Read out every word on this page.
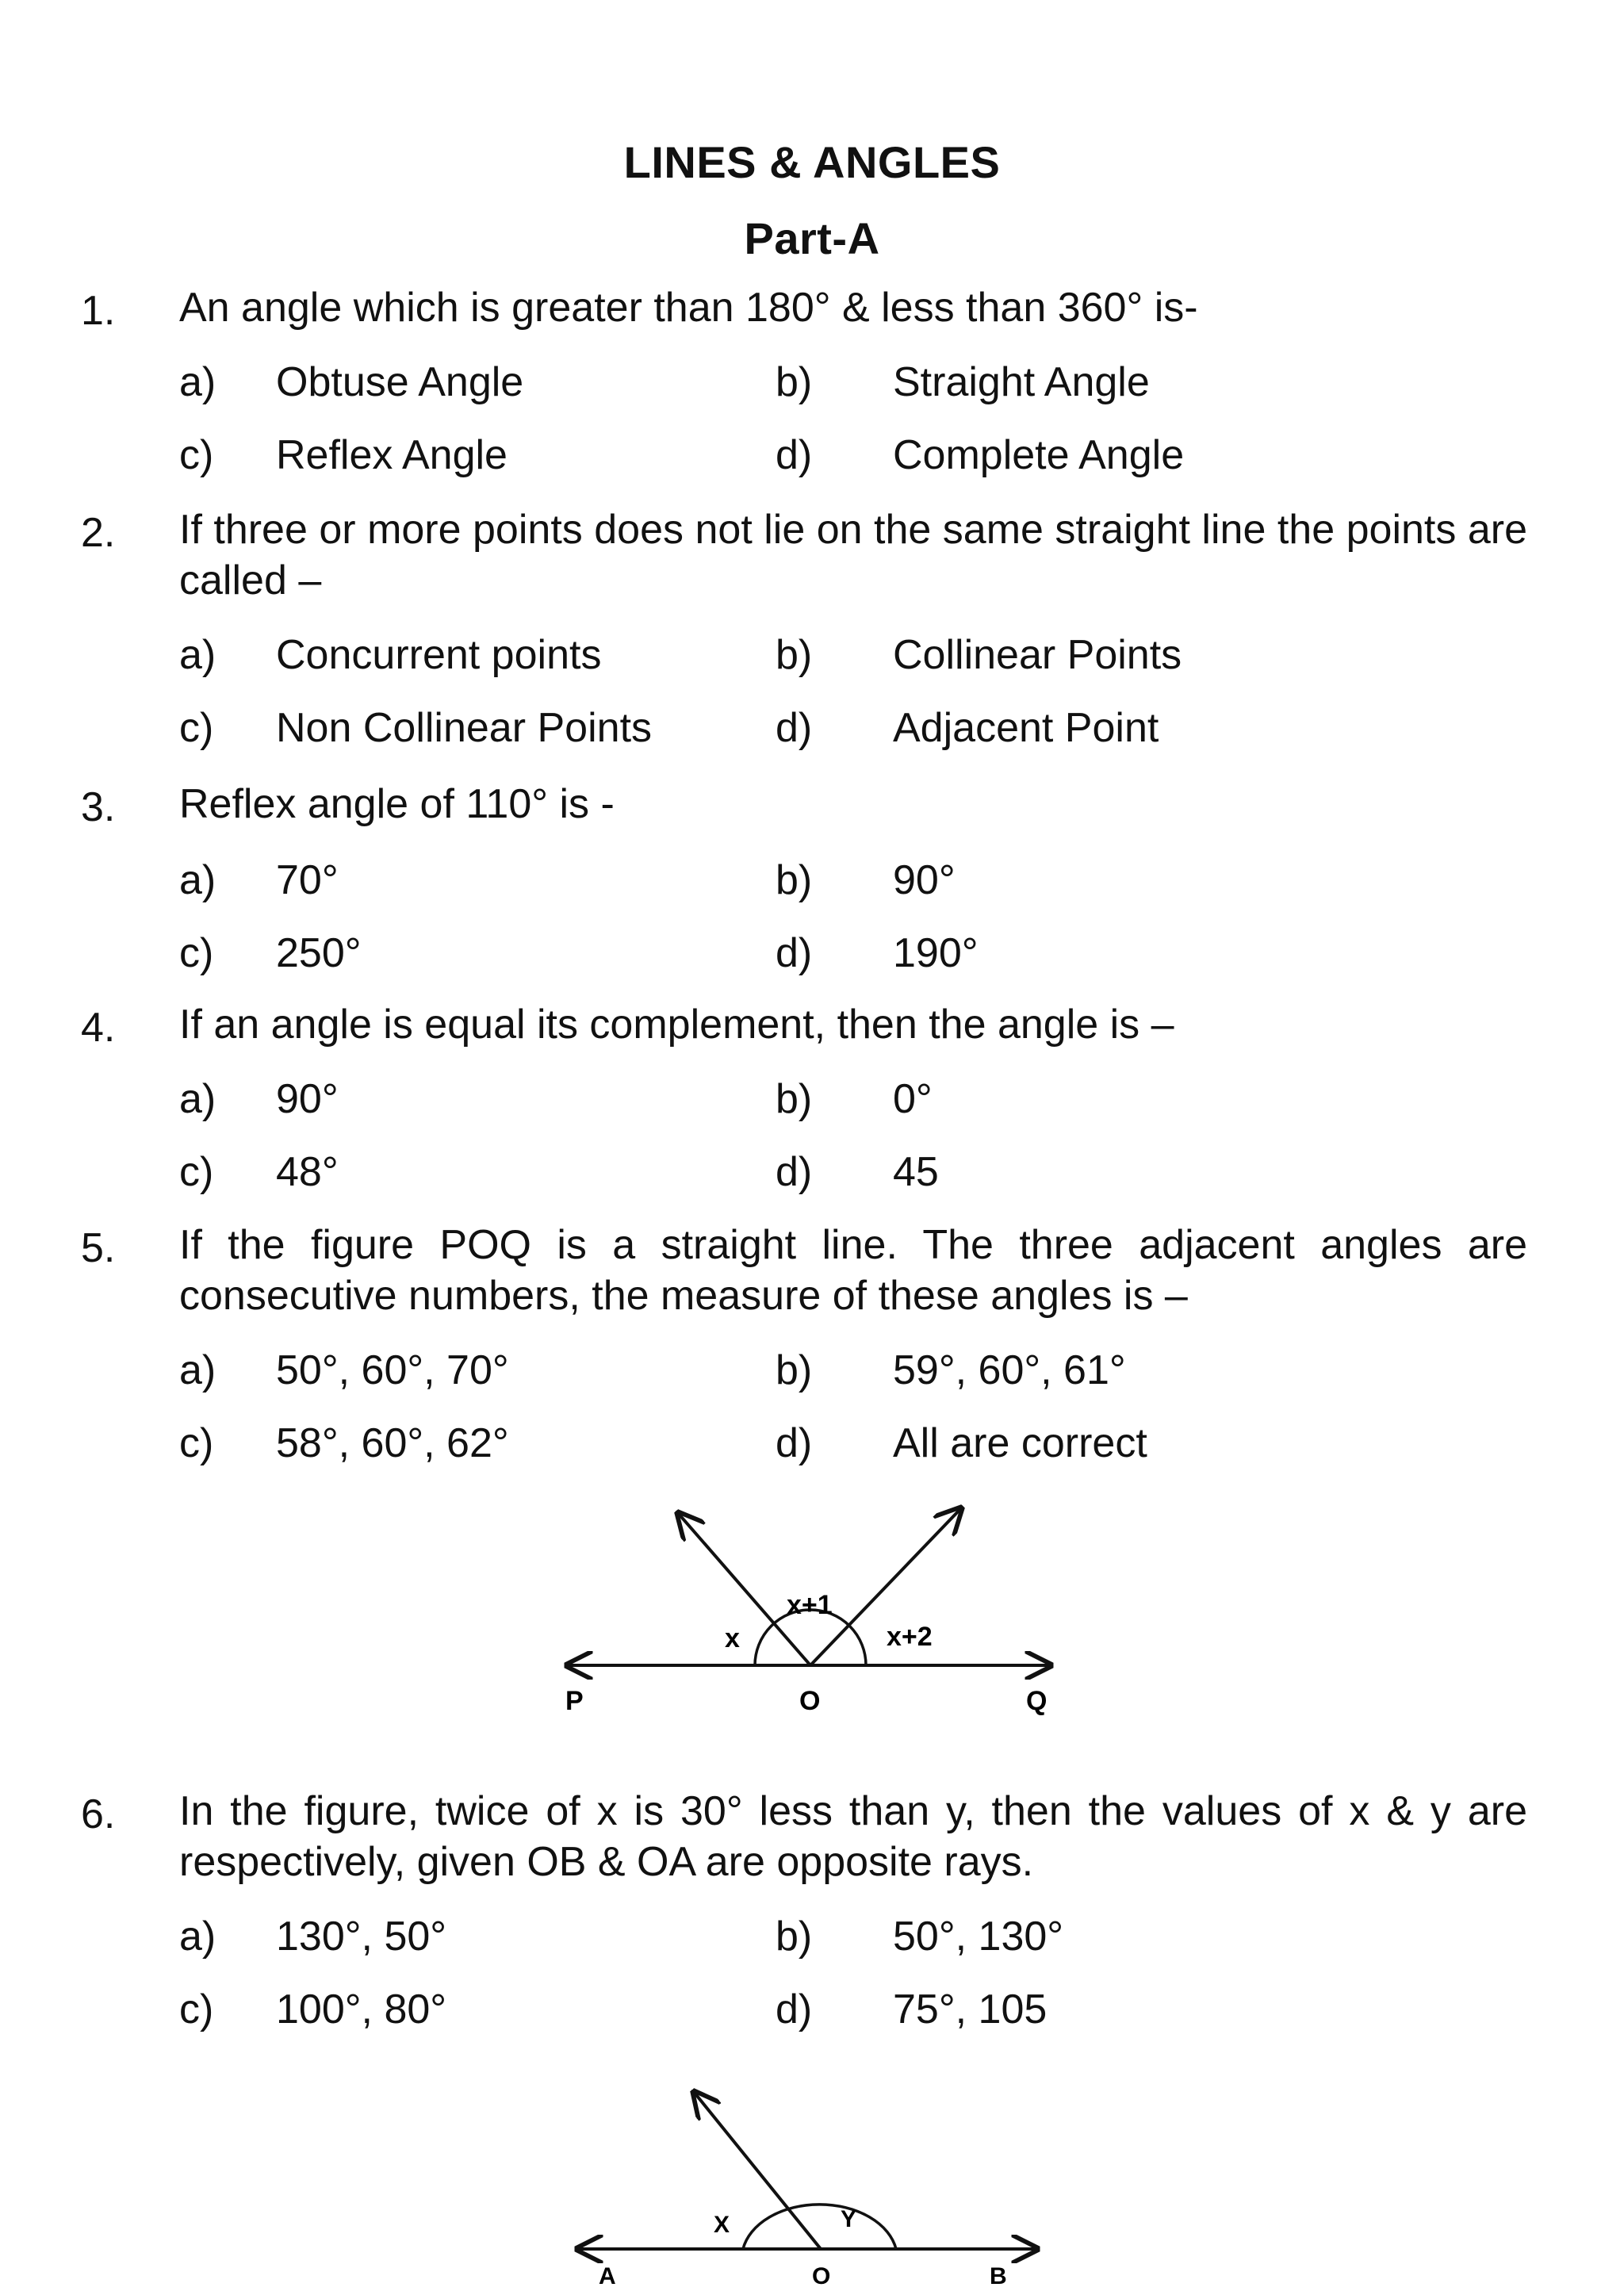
LINES & ANGLES
Part-A
1. An angle which is greater than 180° & less than 360° is-
a) Obtuse Angle	b) Straight Angle
c) Reflex Angle	d) Complete Angle
2. If three or more points does not lie on the same straight line the points are called –
a) Concurrent points	b) Collinear Points
c) Non Collinear Points	d) Adjacent Point
3. Reflex angle of 110° is -
a) 70°	b) 90°
c) 250°	d) 190°
4. If an angle is equal its complement, then the angle is –
a) 90°	b) 0°
c) 48°	d) 45
5. If the figure POQ is a straight line. The three adjacent angles are consecutive numbers, the measure of these angles is –
a) 50°, 60°, 70°	b) 59°, 60°, 61°
c) 58°, 60°, 62°	d) All are correct
x+1
x	x+2
P	O	Q
6. In the figure, twice of x is 30° less than y, then the values of x & y are respectively, given OB & OA are opposite rays.
a) 130°, 50°	b) 50°, 130°
c) 100°, 80°	d) 75°, 105
X	Y
A	O	B
